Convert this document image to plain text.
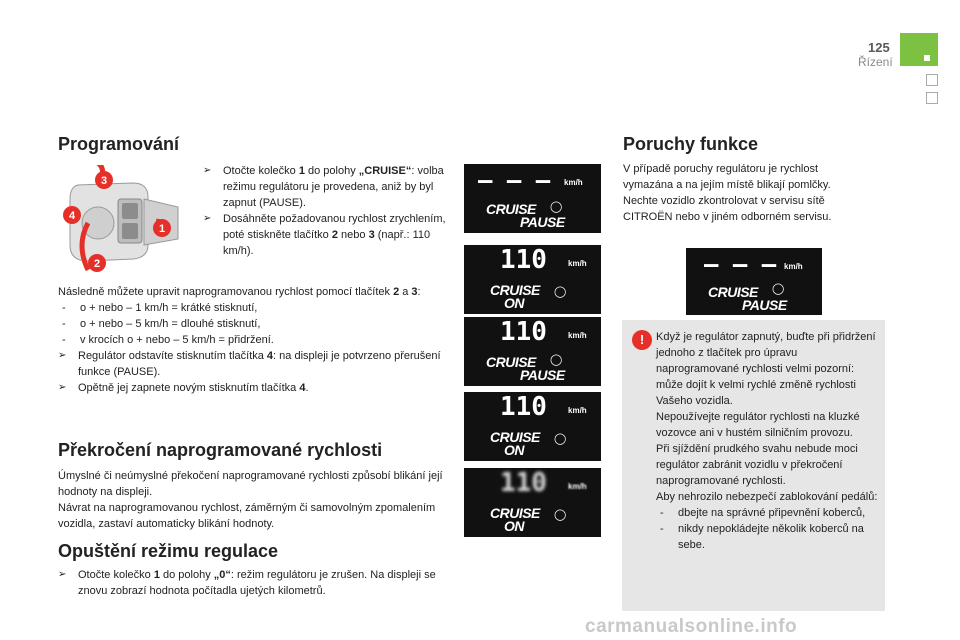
125
Řízení
Programování
3
4
1
2
➢ Otočte kolečko 1 do polohy „CRUISE“: volba režimu regulátoru je provedena, aniž by byl zapnut (PAUSE).
➢ Dosáhněte požadovanou rychlost zrychlením, poté stiskněte tlačítko 2 nebo 3 (např.: 110 km/h).
Následně můžete upravit naprogramovanou rychlost pomocí tlačítek 2 a 3:
- o + nebo – 1 km/h = krátké stisknutí,
- o + nebo – 5 km/h = dlouhé stisknutí,
- v krocích o + nebo – 5 km/h = přidržení.
➢ Regulátor odstavíte stisknutím tlačítka 4: na displeji je potvrzeno přerušení funkce (PAUSE).
➢ Opětně jej zapnete novým stisknutím tlačítka 4.
Překročení naprogramované rychlosti
Úmyslné či neúmyslné překočení naprogramované rychlosti způsobí blikání její hodnoty na displeji.
Návrat na naprogramovanou rychlost, záměrným či samovolným zpomalením vozidla, zastaví automaticky blikání hodnoty.
Opuštění režimu regulace
➢ Otočte kolečko 1 do polohy „0“: režim regulátoru je zrušen. Na displeji se znovu zobrazí hodnota počítadla ujetých kilometrů.
– – – km/h
CRUISE
PAUSE
◯
110	km/h
CRUISE
ON
◯
110	km/h
CRUISE
PAUSE
◯
110	km/h
CRUISE
ON
◯
110	km/h
CRUISE
ON
◯
Poruchy funkce
V případě poruchy regulátoru je rychlost vymazána a na jejím místě blikají pomlčky. Nechte vozidlo zkontrolovat v servisu sítě CITROËN nebo v jiném odborném servisu.
– – – km/h
CRUISE
PAUSE
◯
!	Když je regulátor zapnutý, buďte při přidržení jednoho z tlačítek pro úpravu naprogramované rychlosti velmi pozorní: může dojít k velmi rychlé změně rychlosti Vašeho vozidla.
Nepoužívejte regulátor rychlosti na kluzké vozovce ani v hustém silničním provozu.
Při sjíždění prudkého svahu nebude moci regulátor zabránit vozidlu v překročení naprogramované rychlosti.
Aby nehrozilo nebezpečí zablokování pedálů:
- dbejte na správné připevnění koberců,
- nikdy nepokládejte několik koberců na sebe.
carmanualsonline.info
